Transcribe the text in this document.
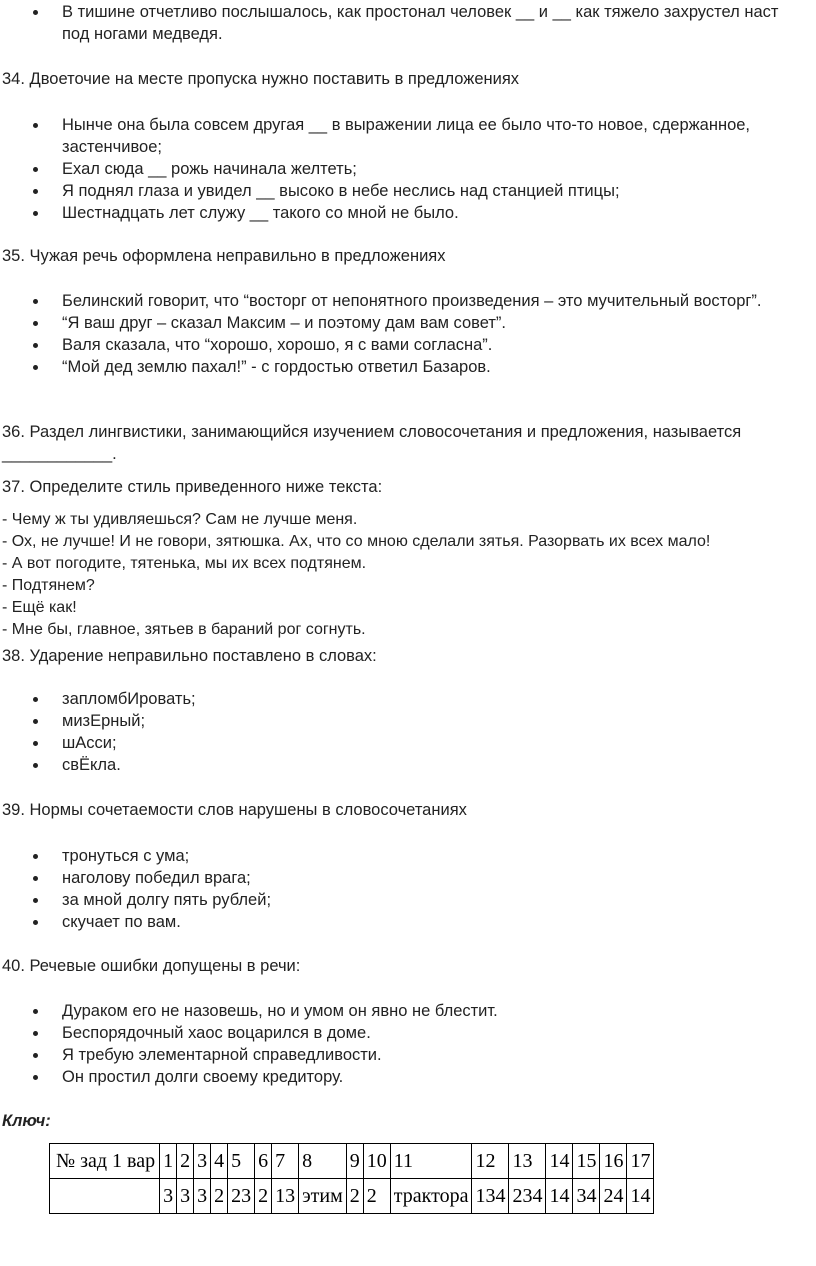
В тишине отчетливо послышалось, как простонал человек __ и __ как тяжело захрустел наст под ногами медведя.

34. Двоеточие на месте пропуска нужно поставить в предложениях

Нынче она была совсем другая __ в выражении лица ее было что-то новое, сдержанное, застенчивое;
Ехал сюда __ рожь начинала желтеть;
Я поднял глаза и увидел __ высоко в небе неслись над станцией птицы;
Шестнадцать лет служу __ такого со мной не было.

35. Чужая речь оформлена неправильно в предложениях

Белинский говорит, что “восторг от непонятного произведения – это мучительный восторг”.
“Я ваш друг – сказал Максим – и поэтому дам вам совет”.
Валя сказала, что “хорошо, хорошо, я с вами согласна”.
“Мой дед землю пахал!” - с гордостью ответил Базаров.

36. Раздел лингвистики, занимающийся изучением словосочетания и предложения, называется ____________.

37. Определите стиль приведенного ниже текста:

- Чему ж ты удивляешься? Сам не лучше меня.

- Ох, не лучше! И не говори, зятюшка. Ах, что со мною сделали зятья. Разорвать их всех мало!

- А вот погодите, тятенька, мы их всех подтянем.

- Подтянем?

- Ещё как!

- Мне бы, главное, зятьев в бараний рог согнуть.

38. Ударение неправильно поставлено в словах:

запломбИровать;
мизЕрный;
шАсси;
свЁкла.

39. Нормы сочетаемости слов нарушены в словосочетаниях

тронуться с ума;
наголову победил врага;
за мной долгу пять рублей;
скучает по вам.

40. Речевые ошибки допущены в речи:

Дураком его не назовешь, но и умом он явно не блестит.
Беспорядочный хаос воцарился в доме.
Я требую элементарной справедливости.
Он простил долги своему кредитору.

Ключ:

№ зад 1 вар	1	2	3	4	5	6	7	8	9	10	11	12	13	14	15	16	17
	3	3	3	2	23	2	13	этим	2	2	трактора	134	234	14	34	24	14
